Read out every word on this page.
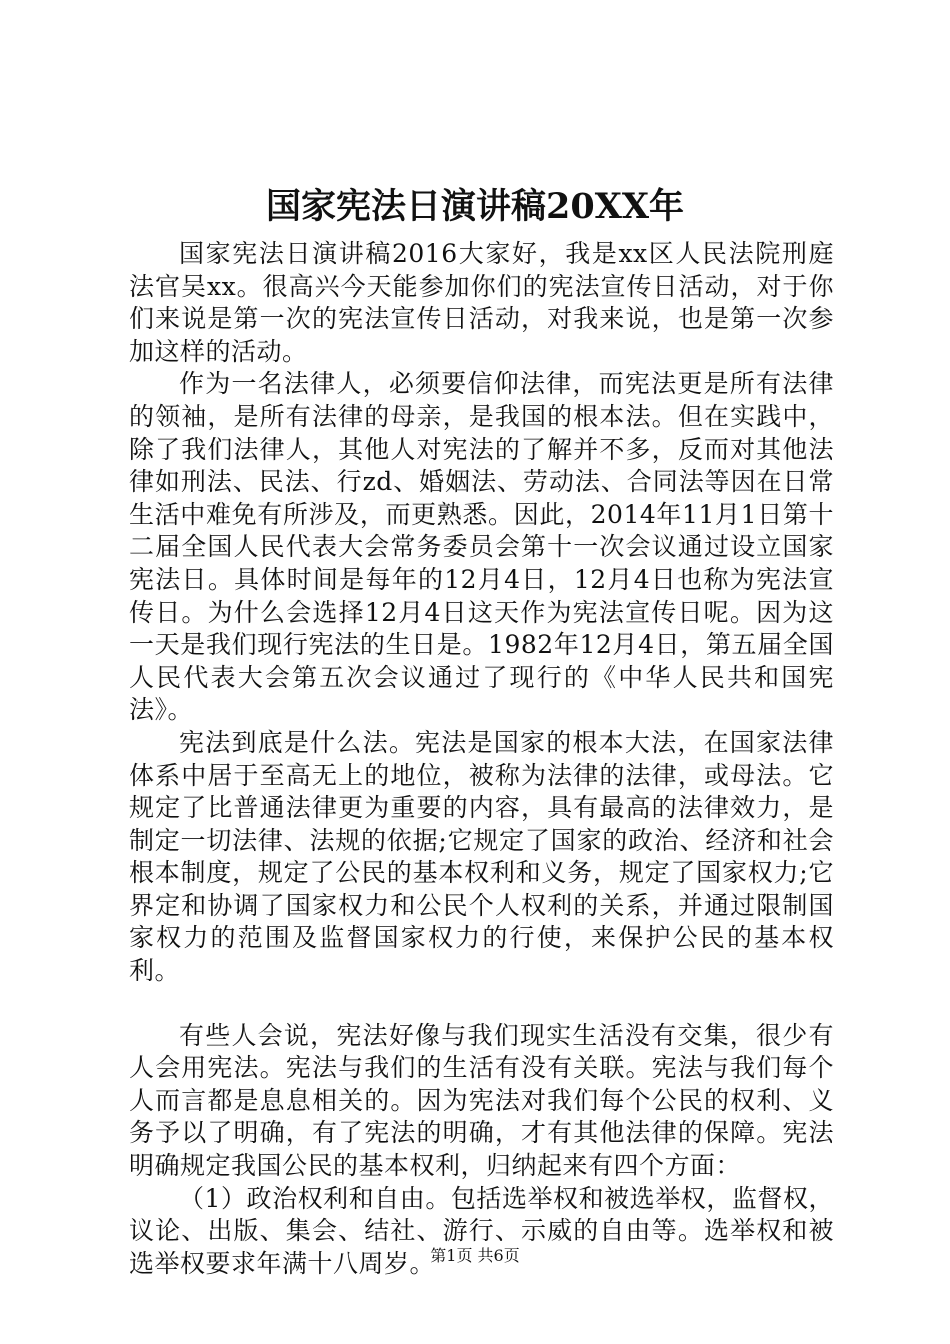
国家宪法日演讲稿20XX年

国家宪法日演讲稿2016大家好，我是xx区人民法院刑庭法官吴xx。很高兴今天能参加你们的宪法宣传日活动，对于你们来说是第一次的宪法宣传日活动，对我来说，也是第一次参加这样的活动。

作为一名法律人，必须要信仰法律，而宪法更是所有法律的领袖，是所有法律的母亲，是我国的根本法。但在实践中，除了我们法律人，其他人对宪法的了解并不多，反而对其他法律如刑法、民法、行zd、婚姻法、劳动法、合同法等因在日常生活中难免有所涉及，而更熟悉。因此，2014年11月1日第十二届全国人民代表大会常务委员会第十一次会议通过设立国家宪法日。具体时间是每年的12月4日，12月4日也称为宪法宣传日。为什么会选择12月4日这天作为宪法宣传日呢。因为这一天是我们现行宪法的生日是。1982年12月4日，第五届全国人民代表大会第五次会议通过了现行的《中华人民共和国宪法》。

宪法到底是什么法。宪法是国家的根本大法，在国家法律体系中居于至高无上的地位，被称为法律的法律，或母法。它规定了比普通法律更为重要的内容，具有最高的法律效力，是制定一切法律、法规的依据;它规定了国家的政治、经济和社会根本制度，规定了公民的基本权利和义务，规定了国家权力;它界定和协调了国家权力和公民个人权利的关系，并通过限制国家权力的范围及监督国家权力的行使，来保护公民的基本权利。

有些人会说，宪法好像与我们现实生活没有交集，很少有人会用宪法。宪法与我们的生活有没有关联。宪法与我们每个人而言都是息息相关的。因为宪法对我们每个公民的权利、义务予以了明确，有了宪法的明确，才有其他法律的保障。宪法明确规定我国公民的基本权利，归纳起来有四个方面：

（1）政治权利和自由。包括选举权和被选举权，监督权，议论、出版、集会、结社、游行、示威的自由等。选举权和被选举权要求年满十八周岁。

第1页 共6页
